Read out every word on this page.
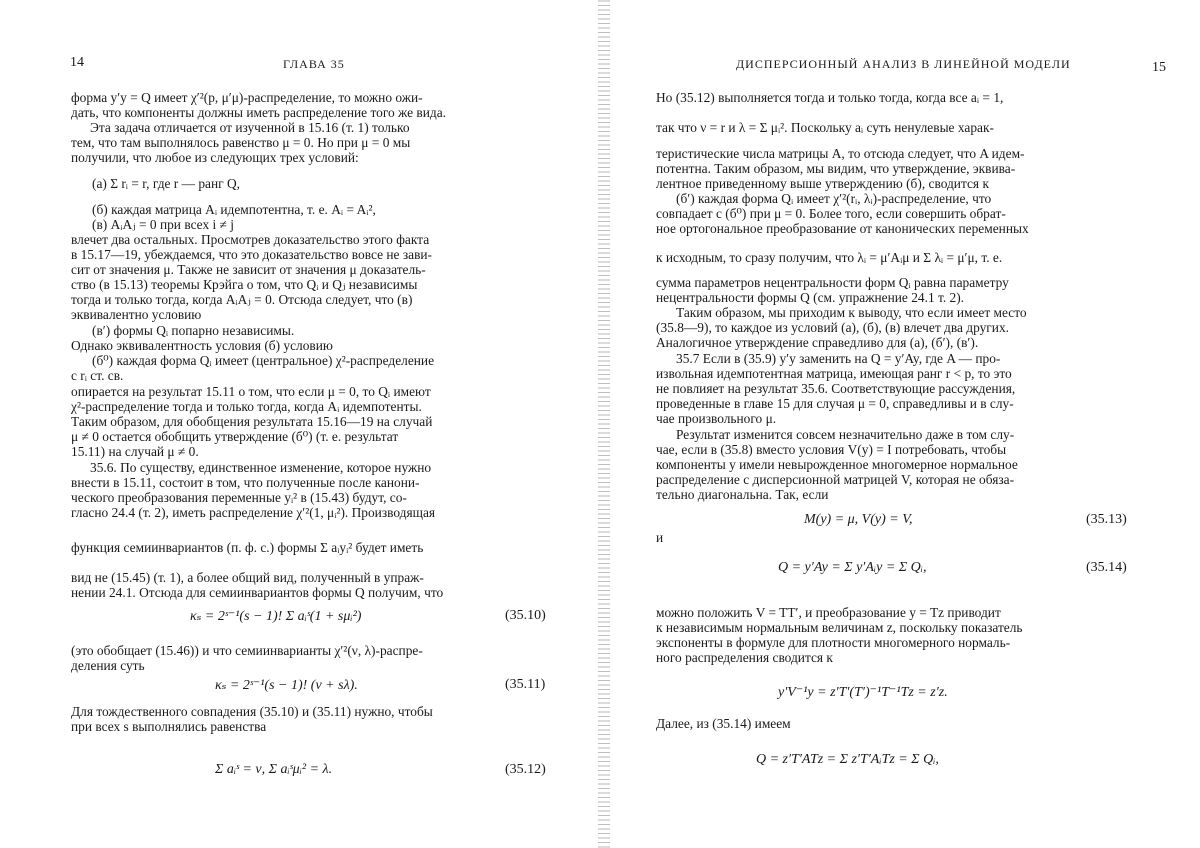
14	ГЛАВА 35
форма y′y = Q имеет χ′²(p, μ′μ)-распределение, то можно ожи-
дать, что компоненты должны иметь распределение того же вида.
Эта задача отличается от изученной в 15.16 (т. 1) только
тем, что там выполнялось равенство μ = 0. Но при μ = 0 мы
получили, что любое из следующих трех условий:
(а) Σ rᵢ = r, где r — ранг Q,
(б) каждая матрица Aᵢ идемпотентна, т. е. Aᵢ = Aᵢ²,
(в) AᵢAⱼ = 0 при всех i ≠ j
влечет два остальных. Просмотрев доказательство этого факта
в 15.17—19, убеждаемся, что это доказательство вовсе не зави-
сит от значения μ. Также не зависит от значения μ доказатель-
ство (в 15.13) теоремы Крэйга о том, что Qᵢ и Qⱼ независимы
тогда и только тогда, когда AᵢAⱼ = 0. Отсюда следует, что (в)
эквивалентно условию
(в′) формы Qᵢ попарно независимы.
Однако эквивалентность условия (б) условию
(б⁰) каждая форма Qᵢ имеет (центральное) χ²-распределение
с rᵢ ст. св.
опирается на результат 15.11 о том, что если μ = 0, то Qᵢ имеют
χ²-распределение тогда и только тогда, когда Aᵢ идемпотенты.
Таким образом, для обобщения результата 15.16—19 на случай
μ ≠ 0 остается обобщить утверждение (б⁰) (т. е. результат
15.11) на случай μ ≠ 0.
35.6. По существу, единственное изменение, которое нужно
внести в 15.11, состоит в том, что полученные после канони-
ческого преобразования переменные yᵢ² в (15.43) будут, со-
гласно 24.4 (т. 2), иметь распределение χ′²(1, μᵢ²). Производящая
функция семиинвариантов (п. ф. с.) формы Σ aᵢyᵢ² будет иметь
вид не (15.45) (т. 1), а более общий вид, полученный в упраж-
нении 24.1. Отсюда для семиинвариантов формы Q получим, что
(это обобщает (15.46)) и что семиинварианты χ′²(ν, λ)-распре-
деления суть
Для тождественного совпадения (35.10) и (35.11) нужно, чтобы
при всех s выполнялись равенства
κₛ = 2ˢ⁻¹(s − 1)! Σ aᵢˢ(1 + sμᵢ²)	(35.10)
κₛ = 2ˢ⁻¹(s − 1)! (ν + sλ).	(35.11)
Σ aᵢˢ = ν, Σ aᵢˢμᵢ² = λ.	(35.12)
ДИСПЕРСИОННЫЙ АНАЛИЗ В ЛИНЕЙНОЙ МОДЕЛИ	15
Но (35.12) выполняется тогда и только тогда, когда все aᵢ = 1,
так что ν = r и λ = Σ μᵢ². Поскольку aᵢ суть ненулевые харак-
теристические числа матрицы A, то отсюда следует, что A идем-
потентна. Таким образом, мы видим, что утверждение, эквива-
лентное приведенному выше утверждению (б), сводится к
(б′) каждая форма Qᵢ имеет χ′²(rᵢ, λᵢ)-распределение, что
совпадает с (б⁰) при μ = 0. Более того, если совершить обрат-
ное ортогональное преобразование от канонических переменных
к исходным, то сразу получим, что λᵢ = μ′Aᵢμ и Σ λᵢ = μ′μ, т. е.
сумма параметров нецентральности форм Qᵢ равна параметру
нецентральности формы Q (см. упражнение 24.1 т. 2).
Таким образом, мы приходим к выводу, что если имеет место
(35.8—9), то каждое из условий (а), (б), (в) влечет два других.
Аналогичное утверждение справедливо для (а), (б′), (в′).
35.7 Если в (35.9) y′y заменить на Q = y′Ay, где A — про-
извольная идемпотентная матрица, имеющая ранг r < p, то это
не повлияет на результат 35.6. Соответствующие рассуждения,
проведенные в главе 15 для случая μ = 0, справедливы и в слу-
чае произвольного μ.
Результат изменится совсем незначительно даже в том слу-
чае, если в (35.8) вместо условия V(y) = I потребовать, чтобы
компоненты y имели невырожденное многомерное нормальное
распределение с дисперсионной матрицей V, которая не обяза-
тельно диагональна. Так, если
и
можно положить V = TT′, и преобразование y = Tz приводит
к независимым нормальным величинам z, поскольку показатель
экспоненты в формуле для плотности многомерного нормаль-
ного распределения сводится к
Далее, из (35.14) имеем
M(y) = μ, V(y) = V,	(35.13)
Q = y′Ay = Σ y′Aᵢy = Σ Qᵢ,	(35.14)
y′V⁻¹y = z′T′(T′)⁻¹T⁻¹Tz = z′z.
Q = z′T′ATz = Σ z′T′AᵢTz = Σ Qᵢ,
